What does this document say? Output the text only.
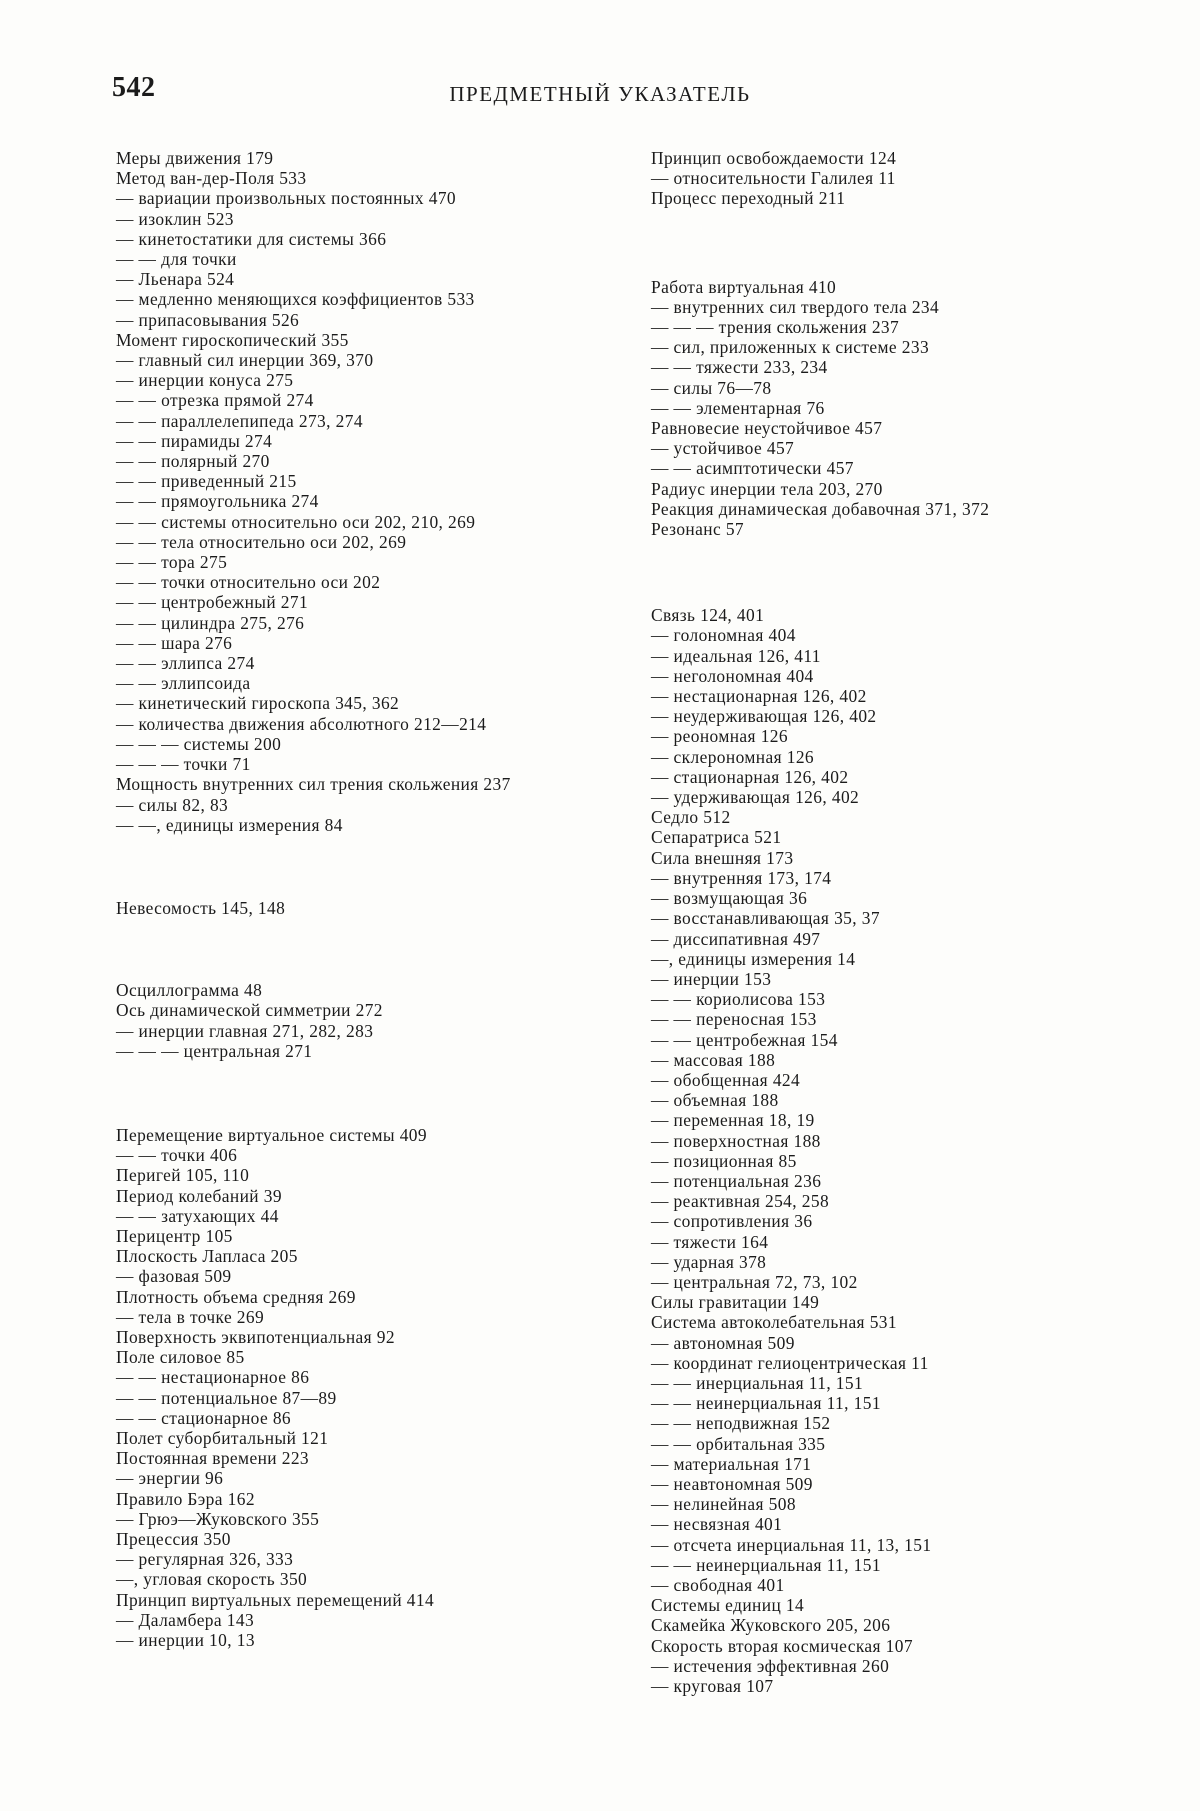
542	ПРЕДМЕТНЫЙ УКАЗАТЕЛЬ

Меры движения 179

Метод ван-дер-Поля 533

— вариации произвольных постоянных 470

— изоклин 523

— кинетостатики для системы 366

— — для точки

— Льенара 524

— медленно меняющихся коэффициентов 533

— припасовывания 526

Момент гироскопический 355

— главный сил инерции 369, 370

— инерции конуса 275

— — отрезка прямой 274

— — параллелепипеда 273, 274

— — пирамиды 274

— — полярный 270

— — приведенный 215

— — прямоугольника 274

— — системы относительно оси 202, 210, 269

— — тела относительно оси 202, 269

— — тора 275

— — точки относительно оси 202

— — центробежный 271

— — цилиндра 275, 276

— — шара 276

— — эллипса 274

— — эллипсоида

— кинетический гироскопа 345, 362

— количества движения абсолютного 212—214

— — — системы 200

— — — точки 71

Мощность внутренних сил трения скольжения 237

— силы 82, 83

— —, единицы измерения 84

Невесомость 145, 148

Осциллограмма 48

Ось динамической симметрии 272

— инерции главная 271, 282, 283

— — — центральная 271

Перемещение виртуальное системы 409

— — точки 406

Перигей 105, 110

Период колебаний 39

— — затухающих 44

Перицентр 105

Плоскость Лапласа 205

— фазовая 509

Плотность объема средняя 269

— тела в точке 269

Поверхность эквипотенциальная 92

Поле силовое 85

— — нестационарное 86

— — потенциальное 87—89

— — стационарное 86

Полет суборбитальный 121

Постоянная времени 223

— энергии 96

Правило Бэра 162

— Грюэ—Жуковского 355

Прецессия 350

— регулярная 326, 333

—, угловая скорость 350

Принцип виртуальных перемещений 414

— Даламбера 143

— инерции 10, 13

Принцип освобождаемости 124

— относительности Галилея 11

Процесс переходный 211

Работа виртуальная 410

— внутренних сил твердого тела 234

— — — трения скольжения 237

— сил, приложенных к системе 233

— — тяжести 233, 234

— силы 76—78

— — элементарная 76

Равновесие неустойчивое 457

— устойчивое 457

— — асимптотически 457

Радиус инерции тела 203, 270

Реакция динамическая добавочная 371, 372

Резонанс 57

Связь 124, 401

— голономная 404

— идеальная 126, 411

— неголономная 404

— нестационарная 126, 402

— неудерживающая 126, 402

— реономная 126

— склерономная 126

— стационарная 126, 402

— удерживающая 126, 402

Седло 512

Сепаратриса 521

Сила внешняя 173

— внутренняя 173, 174

— возмущающая 36

— восстанавливающая 35, 37

— диссипативная 497

—, единицы измерения 14

— инерции 153

— — кориолисова 153

— — переносная 153

— — центробежная 154

— массовая 188

— обобщенная 424

— объемная 188

— переменная 18, 19

— поверхностная 188

— позиционная 85

— потенциальная 236

— реактивная 254, 258

— сопротивления 36

— тяжести 164

— ударная 378

— центральная 72, 73, 102

Силы гравитации 149

Система автоколебательная 531

— автономная 509

— координат гелиоцентрическая 11

— — инерциальная 11, 151

— — неинерциальная 11, 151

— — неподвижная 152

— — орбитальная 335

— материальная 171

— неавтономная 509

— нелинейная 508

— несвязная 401

— отсчета инерциальная 11, 13, 151

— — неинерциальная 11, 151

— свободная 401

Системы единиц 14

Скамейка Жуковского 205, 206

Скорость вторая космическая 107

— истечения эффективная 260

— круговая 107
